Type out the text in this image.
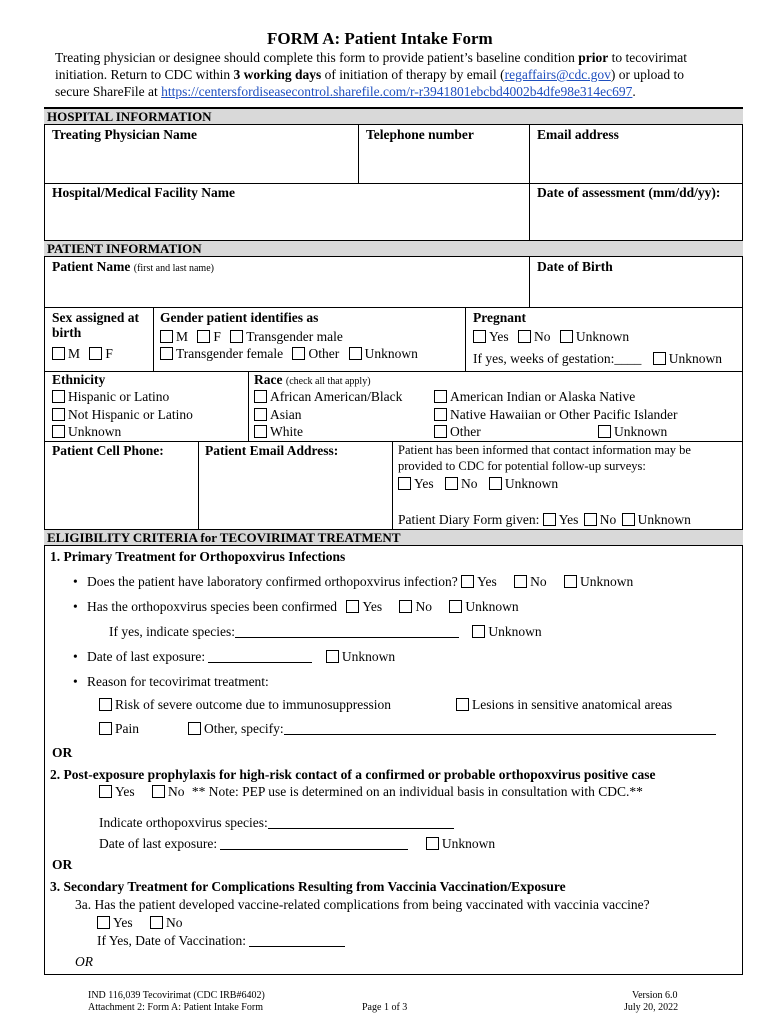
FORM A: Patient Intake Form
Treating physician or designee should complete this form to provide patient’s baseline condition prior to tecovirimat
initiation. Return to CDC within 3 working days of initiation of therapy by email (regaffairs@cdc.gov) or upload to
secure ShareFile at https://centersfordiseasecontrol.sharefile.com/r-r3941801ebcbd4002b4dfe98e314ec697.
HOSPITAL INFORMATION
Treating Physician Name	Telephone number	Email address
Hospital/Medical Facility Name	Date of assessment (mm/dd/yy):
PATIENT INFORMATION
Patient Name (first and last name)	Date of Birth
Sex assigned at
birth
M F
Gender patient identifies as
M F Transgender male
Transgender female Other Unknown
Pregnant
Yes No Unknown
If yes, weeks of gestation:____ Unknown
Ethnicity
Hispanic or Latino
Not Hispanic or Latino
Unknown
Race (check all that apply)
African American/Black
Asian
White
American Indian or Alaska Native
Native Hawaiian or Other Pacific Islander
Other	Unknown
Patient Cell Phone:	Patient Email Address:	Patient has been informed that contact information may be
provided to CDC for potential follow-up surveys:
Yes No Unknown
Patient Diary Form given: Yes No Unknown
ELIGIBILITY CRITERIA for TECOVIRIMAT TREATMENT
1. Primary Treatment for Orthopoxvirus Infections
• Does the patient have laboratory confirmed orthopoxvirus infection? Yes No Unknown
• Has the orthopoxvirus species been confirmed Yes No Unknown
If yes, indicate species:	Unknown
• Date of last exposure:	Unknown
• Reason for tecovirimat treatment:
Risk of severe outcome due to immunosuppression	Lesions in sensitive anatomical areas
Pain	Other, specify:
OR
2. Post-exposure prophylaxis for high-risk contact of a confirmed or probable orthopoxvirus positive case
Yes No ** Note: PEP use is determined on an individual basis in consultation with CDC.**
Indicate orthopoxvirus species:
Date of last exposure:	Unknown
OR
3. Secondary Treatment for Complications Resulting from Vaccinia Vaccination/Exposure
3a. Has the patient developed vaccine-related complications from being vaccinated with vaccinia vaccine?
Yes No
If Yes, Date of Vaccination:
OR
IND 116,039 Tecovirimat (CDC IRB#6402)
Attachment 2: Form A: Patient Intake Form	Page 1 of 3
Version 6.0
July 20, 2022
